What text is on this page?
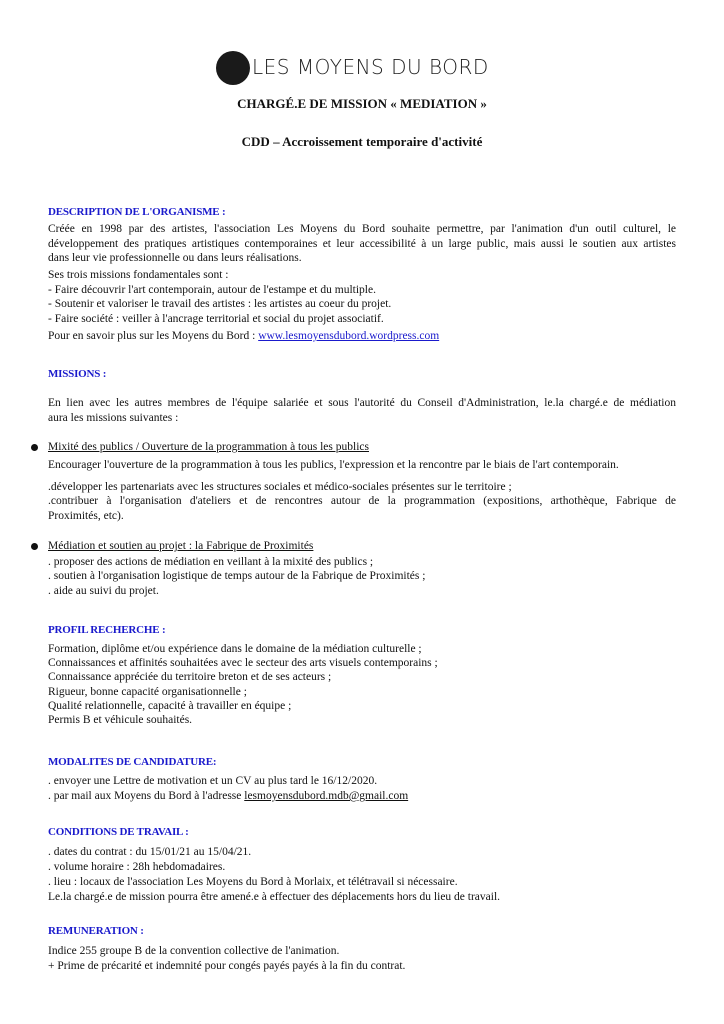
LES MOYENS DU BORD
CHARGÉ.E DE MISSION « MEDIATION »
CDD – Accroissement temporaire d'activité
DESCRIPTION DE L'ORGANISME :
Créée en 1998 par des artistes, l'association Les Moyens du Bord souhaite permettre, par l'animation d'un outil culturel, le
développement des pratiques artistiques contemporaines et leur accessibilité à un large public, mais aussi le soutien aux artistes
dans leur vie professionnelle ou dans leurs réalisations.
Ses trois missions fondamentales sont :
- Faire découvrir l'art contemporain, autour de l'estampe et du multiple.
- Soutenir et valoriser le travail des artistes : les artistes au coeur du projet.
- Faire société : veiller à l'ancrage territorial et social du projet associatif.
Pour en savoir plus sur les Moyens du Bord : www.lesmoyensdubord.wordpress.com
MISSIONS :
En lien avec les autres membres de l'équipe salariée et sous l'autorité du Conseil d'Administration, le.la chargé.e de médiation
aura les missions suivantes :
Mixité des publics / Ouverture de la programmation à tous les publics
Encourager l'ouverture de la programmation à tous les publics, l'expression et la rencontre par le biais de l'art contemporain.
.développer les partenariats avec les structures sociales et médico-sociales présentes sur le territoire ;
.contribuer à l'organisation d'ateliers et de rencontres autour de la programmation (expositions, arthothèque, Fabrique de
Proximités, etc).
Médiation et soutien au projet : la Fabrique de Proximités
. proposer des actions de médiation en veillant à la mixité des publics ;
. soutien à l'organisation logistique de temps autour de la Fabrique de Proximités ;
. aide au suivi du projet.
PROFIL RECHERCHE :
Formation, diplôme et/ou expérience dans le domaine de la médiation culturelle ;
Connaissances et affinités souhaitées avec le secteur des arts visuels contemporains ;
Connaissance appréciée du territoire breton et de ses acteurs ;
Rigueur, bonne capacité organisationnelle ;
Qualité relationnelle, capacité à travailler en équipe ;
Permis B et véhicule souhaités.
MODALITES DE CANDIDATURE:
. envoyer une Lettre de motivation et un CV au plus tard le 16/12/2020.
. par mail aux Moyens du Bord à l'adresse lesmoyensdubord.mdb@gmail.com
CONDITIONS DE TRAVAIL :
. dates du contrat : du 15/01/21 au 15/04/21.
. volume horaire : 28h hebdomadaires.
. lieu : locaux de l'association Les Moyens du Bord à Morlaix, et télétravail si nécessaire.
Le.la chargé.e de mission pourra être amené.e à effectuer des déplacements hors du lieu de travail.
REMUNERATION :
Indice 255 groupe B de la convention collective de l'animation.
+ Prime de précarité et indemnité pour congés payés payés à la fin du contrat.
